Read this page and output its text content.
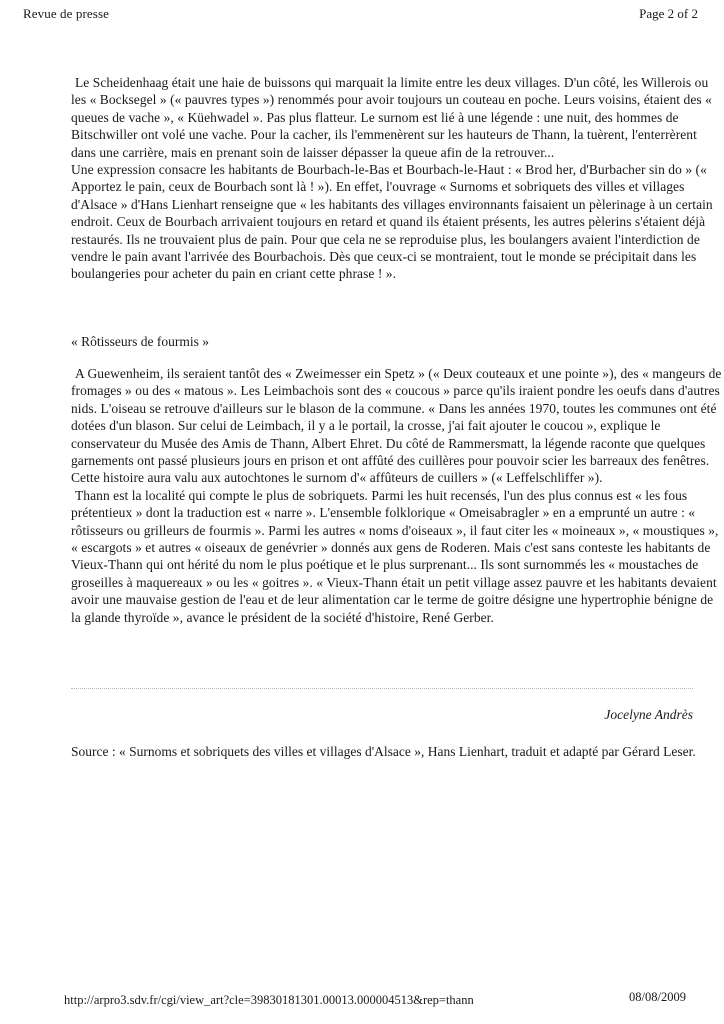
Revue de presse	Page 2 of 2

Le Scheidenhaag était une haie de buissons qui marquait la limite entre les deux villages. D'un côté, les Willerois ou les « Bocksegel » (« pauvres types ») renommés pour avoir toujours un couteau en poche. Leurs voisins, étaient des « queues de vache », « Küehwadel ». Pas plus flatteur. Le surnom est lié à une légende : une nuit, des hommes de Bitschwiller ont volé une vache. Pour la cacher, ils l'emmenèrent sur les hauteurs de Thann, la tuèrent, l'enterrèrent dans une carrière, mais en prenant soin de laisser dépasser la queue afin de la retrouver...

Une expression consacre les habitants de Bourbach-le-Bas et Bourbach-le-Haut : « Brod her, d'Burbacher sin do » (« Apportez le pain, ceux de Bourbach sont là ! »). En effet, l'ouvrage « Surnoms et sobriquets des villes et villages d'Alsace » d'Hans Lienhart renseigne que « les habitants des villages environnants faisaient un pèlerinage à un certain endroit. Ceux de Bourbach arrivaient toujours en retard et quand ils étaient présents, les autres pèlerins s'étaient déjà restaurés. Ils ne trouvaient plus de pain. Pour que cela ne se reproduise plus, les boulangers avaient l'interdiction de vendre le pain avant l'arrivée des Bourbachois. Dès que ceux-ci se montraient, tout le monde se précipitait dans les boulangeries pour acheter du pain en criant cette phrase ! ».

« Rôtisseurs de fourmis »

A Guewenheim, ils seraient tantôt des « Zweimesser ein Spetz » (« Deux couteaux et une pointe »), des « mangeurs de fromages » ou des « matous ». Les Leimbachois sont des « coucous » parce qu'ils iraient pondre les oeufs dans d'autres nids. L'oiseau se retrouve d'ailleurs sur le blason de la commune. « Dans les années 1970, toutes les communes ont été dotées d'un blason. Sur celui de Leimbach, il y a le portail, la crosse, j'ai fait ajouter le coucou », explique le conservateur du Musée des Amis de Thann, Albert Ehret. Du côté de Rammersmatt, la légende raconte que quelques garnements ont passé plusieurs jours en prison et ont affûté des cuillères pour pouvoir scier les barreaux des fenêtres. Cette histoire aura valu aux autochtones le surnom d'« affûteurs de cuillers » (« Leffelschliffer »).

Thann est la localité qui compte le plus de sobriquets. Parmi les huit recensés, l'un des plus connus est « les fous prétentieux » dont la traduction est « narre ». L'ensemble folklorique « Omeisabragler » en a emprunté un autre : « rôtisseurs ou grilleurs de fourmis ». Parmi les autres « noms d'oiseaux », il faut citer les « moineaux », « moustiques », « escargots » et autres « oiseaux de genévrier » donnés aux gens de Roderen. Mais c'est sans conteste les habitants de Vieux-Thann qui ont hérité du nom le plus poétique et le plus surprenant... Ils sont surnommés les « moustaches de groseilles à maquereaux » ou les « goitres ». « Vieux-Thann était un petit village assez pauvre et les habitants devaient avoir une mauvaise gestion de l'eau et de leur alimentation car le terme de goitre désigne une hypertrophie bénigne de la glande thyroïde », avance le président de la société d'histoire, René Gerber.

Jocelyne Andrès
Source : « Surnoms et sobriquets des villes et villages d'Alsace », Hans Lienhart, traduit et adapté par Gérard Leser.
http://arpro3.sdv.fr/cgi/view_art?cle=39830181301.00013.000004513&rep=thann	08/08/2009
